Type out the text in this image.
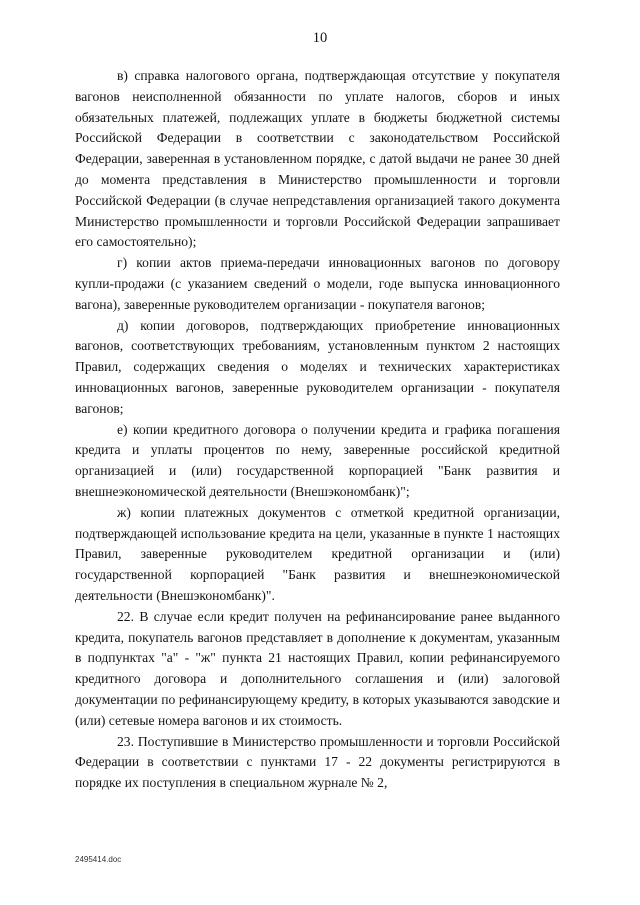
10

в) справка налогового органа, подтверждающая отсутствие у покупателя вагонов неисполненной обязанности по уплате налогов, сборов и иных обязательных платежей, подлежащих уплате в бюджеты бюджетной системы Российской Федерации в соответствии с законодательством Российской Федерации, заверенная в установленном порядке, с датой выдачи не ранее 30 дней до момента представления в Министерство промышленности и торговли Российской Федерации (в случае непредставления организацией такого документа Министерство промышленности и торговли Российской Федерации запрашивает его самостоятельно);

г) копии актов приема-передачи инновационных вагонов по договору купли-продажи (с указанием сведений о модели, годе выпуска инновационного вагона), заверенные руководителем организации - покупателя вагонов;

д) копии договоров, подтверждающих приобретение инновационных вагонов, соответствующих требованиям, установленным пунктом 2 настоящих Правил, содержащих сведения о моделях и технических характеристиках инновационных вагонов, заверенные руководителем организации - покупателя вагонов;

е) копии кредитного договора о получении кредита и графика погашения кредита и уплаты процентов по нему, заверенные российской кредитной организацией и (или) государственной корпорацией "Банк развития и внешнеэкономической деятельности (Внешэкономбанк)";

ж) копии платежных документов с отметкой кредитной организации, подтверждающей использование кредита на цели, указанные в пункте 1 настоящих Правил, заверенные руководителем кредитной организации и (или) государственной корпорацией "Банк развития и внешнеэкономической деятельности (Внешэкономбанк)".

22. В случае если кредит получен на рефинансирование ранее выданного кредита, покупатель вагонов представляет в дополнение к документам, указанным в подпунктах "а" - "ж" пункта 21 настоящих Правил, копии рефинансируемого кредитного договора и дополнительного соглашения и (или) залоговой документации по рефинансирующему кредиту, в которых указываются заводские и (или) сетевые номера вагонов и их стоимость.

23. Поступившие в Министерство промышленности и торговли Российской Федерации в соответствии с пунктами 17 - 22 документы регистрируются в порядке их поступления в специальном журнале № 2,

2495414.doc
